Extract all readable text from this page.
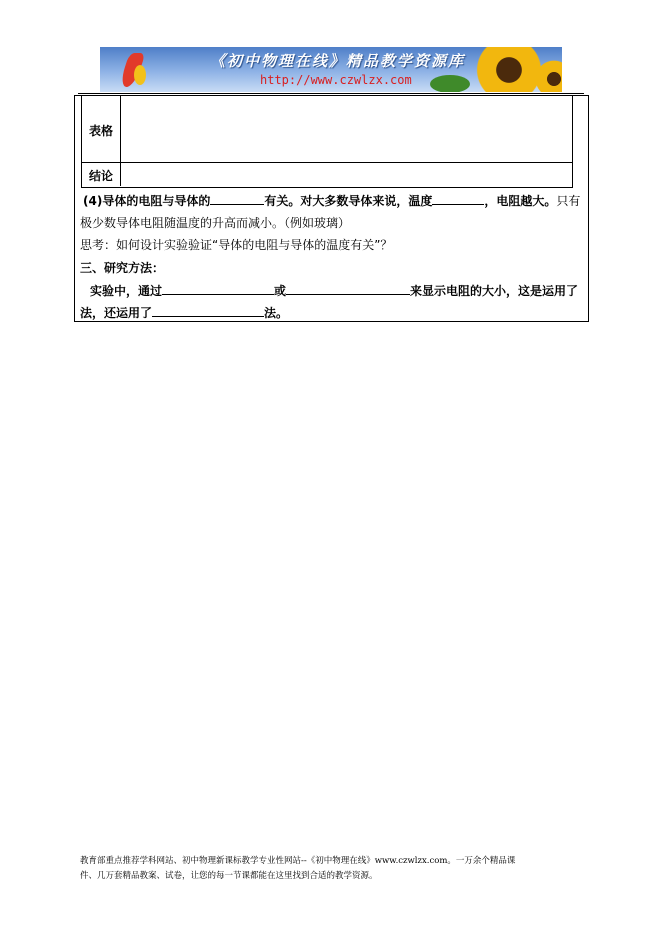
《初中物理在线》精品教学资源库
http://www.czwlzx.com
表格
结论
(4)导体的电阻与导体的	有关。对大多数导体来说，温度	，电阻越大。只有
极少数导体电阻随温度的升高而减小。（例如玻璃）
思考：如何设计实验验证“导体的电阻与导体的温度有关”？
三、研究方法：
实验中，通过	或	来显示电阻的大小，这是运用了
法，还运用了	法。
教育部重点推荐学科网站、初中物理新课标教学专业性网站--《初中物理在线》www.czwlzx.com。一万余个精品课
件、几万套精品教案、试卷，让您的每一节课都能在这里找到合适的教学资源。
